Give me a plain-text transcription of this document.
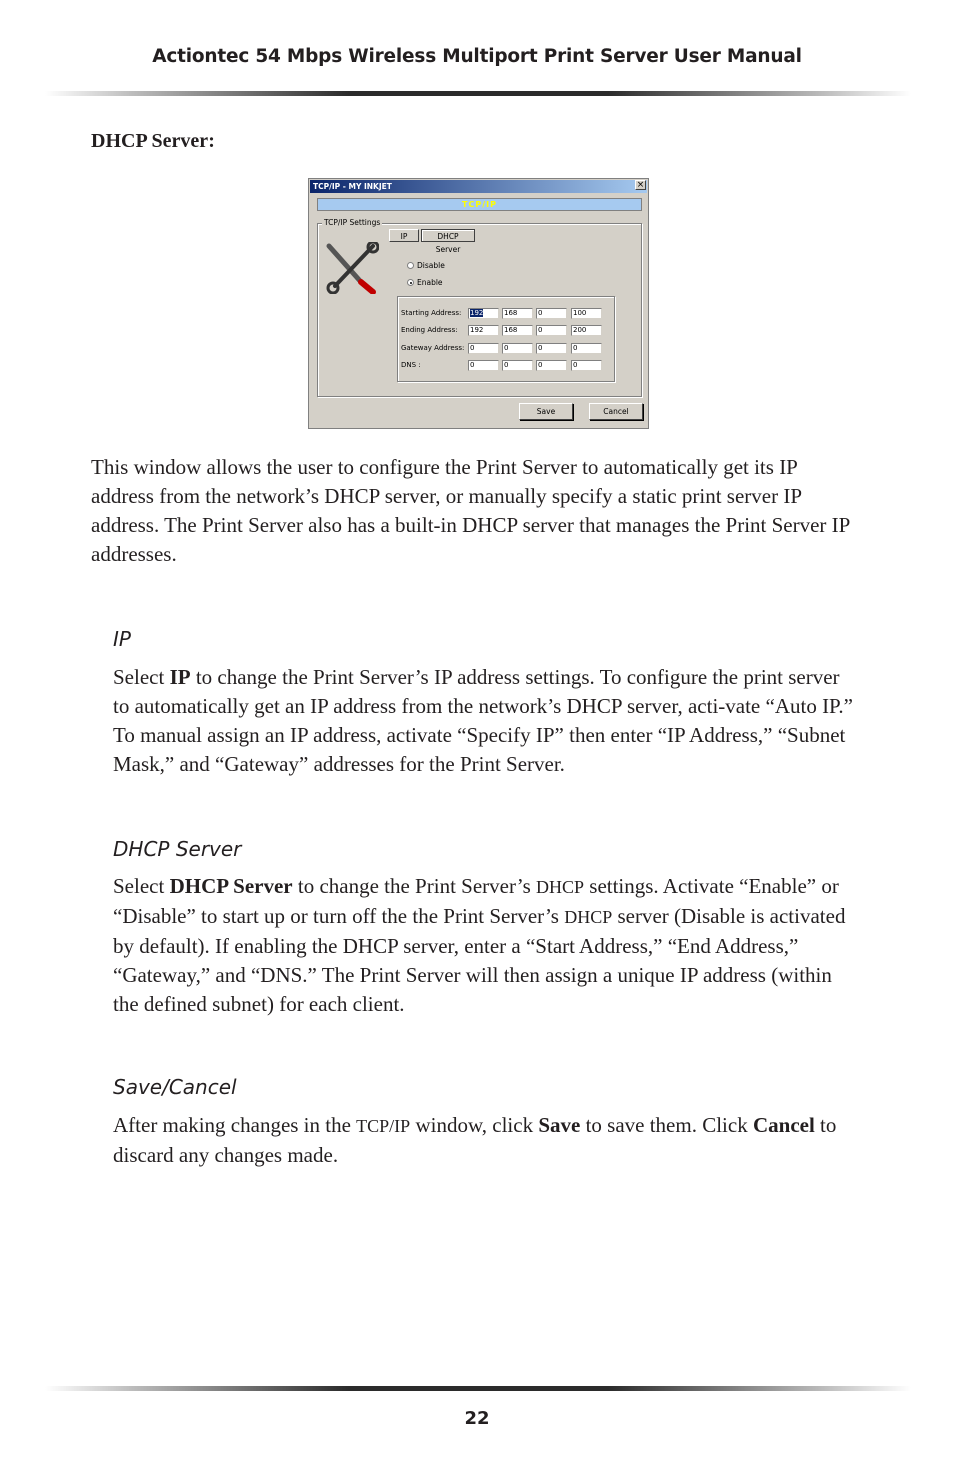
Actiontec 54 Mbps Wireless Multiport Print Server User Manual
DHCP Server:
TCP/IP - MY INKJET	×
TCP/IP
TCP/IP Settings
IP	DHCP Server
Disable
Enable
Starting Address: 192	168	0	100
Ending Address: 192	168	0	200
Gateway Address: 0	0	0	0
DNS :	0	0	0	0
Save	Cancel

This window allows the user to configure the Print Server to automatically get its IP address from the network’s DHCP server, or manually specify a static print server IP address. The Print Server also has a built-in DHCP server that manages the Print Server IP addresses.

IP

Select IP to change the Print Server’s IP address settings. To configure the print server to automatically get an IP address from the network’s DHCP server, acti-vate “Auto IP.” To manual assign an IP address, activate “Specify IP” then enter “IP Address,” “Subnet Mask,” and “Gateway” addresses for the Print Server.

DHCP Server

Select DHCP Server to change the Print Server’s DHCP settings. Activate “Enable” or “Disable” to start up or turn off the the Print Server’s DHCP server (Disable is activated by default). If enabling the DHCP server, enter a “Start Address,” “End Address,” “Gateway,” and “DNS.” The Print Server will then assign a unique IP address (within the defined subnet) for each client.

Save/Cancel

After making changes in the TCP/IP window, click Save to save them. Click Cancel to discard any changes made.

22
